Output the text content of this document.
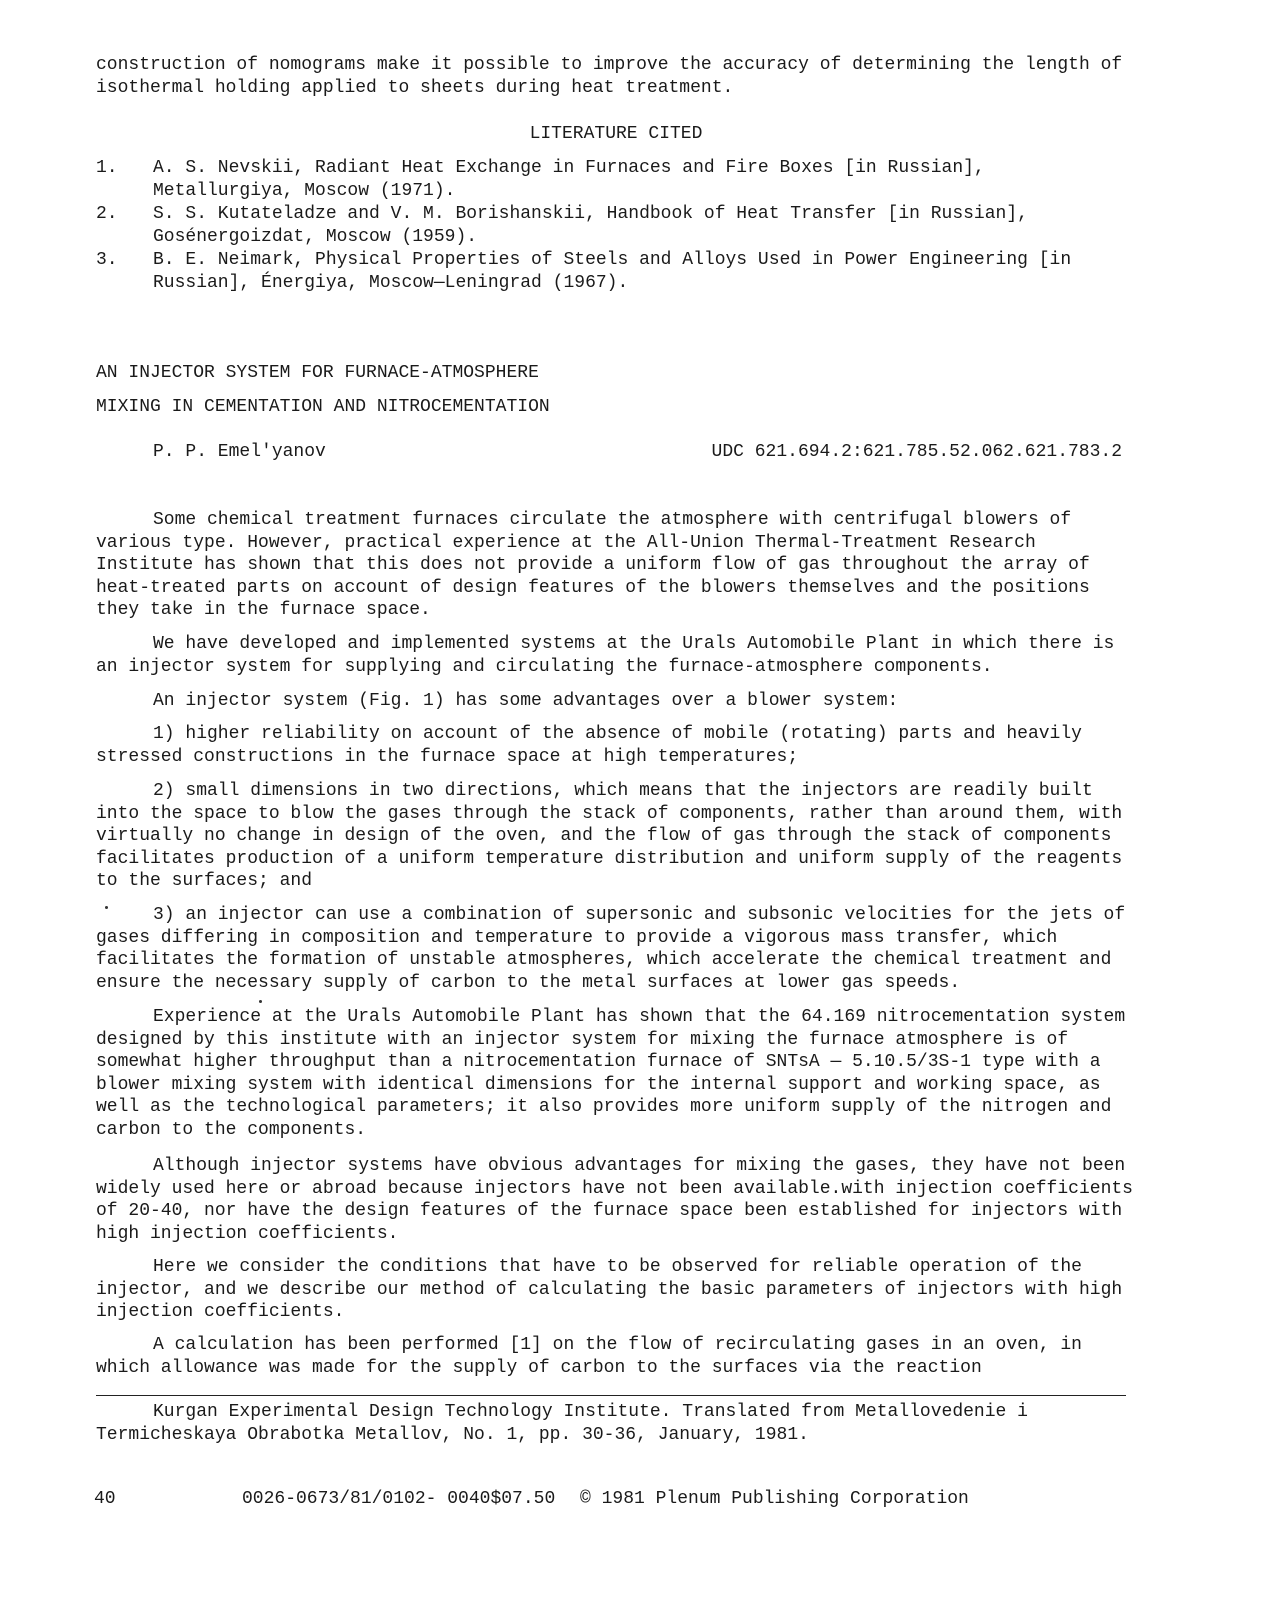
construction of nomograms make it possible to improve the accuracy of determining the length of isothermal holding applied to sheets during heat treatment.

LITERATURE CITED
1. A. S. Nevskii, Radiant Heat Exchange in Furnaces and Fire Boxes [in Russian], Metallurgiya, Moscow (1971).
2. S. S. Kutateladze and V. M. Borishanskii, Handbook of Heat Transfer [in Russian], Gosénergoizdat, Moscow (1959).
3. B. E. Neimark, Physical Properties of Steels and Alloys Used in Power Engineering [in Russian], Énergiya, Moscow—Leningrad (1967).
AN INJECTOR SYSTEM FOR FURNACE-ATMOSPHERE
MIXING IN CEMENTATION AND NITROCEMENTATION
P. P. Emel'yanov	UDC 621.694.2:621.785.52.062.621.783.2

Some chemical treatment furnaces circulate the atmosphere with centrifugal blowers of various type. However, practical experience at the All-Union Thermal-Treatment Research Institute has shown that this does not provide a uniform flow of gas throughout the array of heat-treated parts on account of design features of the blowers themselves and the positions they take in the furnace space.

We have developed and implemented systems at the Urals Automobile Plant in which there is an injector system for supplying and circulating the furnace-atmosphere components.

An injector system (Fig. 1) has some advantages over a blower system:

1) higher reliability on account of the absence of mobile (rotating) parts and heavily stressed constructions in the furnace space at high temperatures;

2) small dimensions in two directions, which means that the injectors are readily built into the space to blow the gases through the stack of components, rather than around them, with virtually no change in design of the oven, and the flow of gas through the stack of components facilitates production of a uniform temperature distribution and uniform supply of the reagents to the surfaces; and

3) an injector can use a combination of supersonic and subsonic velocities for the jets of gases differing in composition and temperature to provide a vigorous mass transfer, which facilitates the formation of unstable atmospheres, which accelerate the chemical treatment and ensure the necessary supply of carbon to the metal surfaces at lower gas speeds.

Experience at the Urals Automobile Plant has shown that the 64.169 nitrocementation system designed by this institute with an injector system for mixing the furnace atmosphere is of somewhat higher throughput than a nitrocementation furnace of SNTsA — 5.10.5/3S-1 type with a blower mixing system with identical dimensions for the internal support and working space, as well as the technological parameters; it also provides more uniform supply of the nitrogen and carbon to the components.

Although injector systems have obvious advantages for mixing the gases, they have not been widely used here or abroad because injectors have not been available.with injection coefficients of 20-40, nor have the design features of the furnace space been established for injectors with high injection coefficients.

Here we consider the conditions that have to be observed for reliable operation of the injector, and we describe our method of calculating the basic parameters of injectors with high injection coefficients.

A calculation has been performed [1] on the flow of recirculating gases in an oven, in which allowance was made for the supply of carbon to the surfaces via the reaction

Kurgan Experimental Design Technology Institute. Translated from Metallovedenie i Termicheskaya Obrabotka Metallov, No. 1, pp. 30-36, January, 1981.

40	0026-0673/81/0102- 0040$07.50 © 1981 Plenum Publishing Corporation
